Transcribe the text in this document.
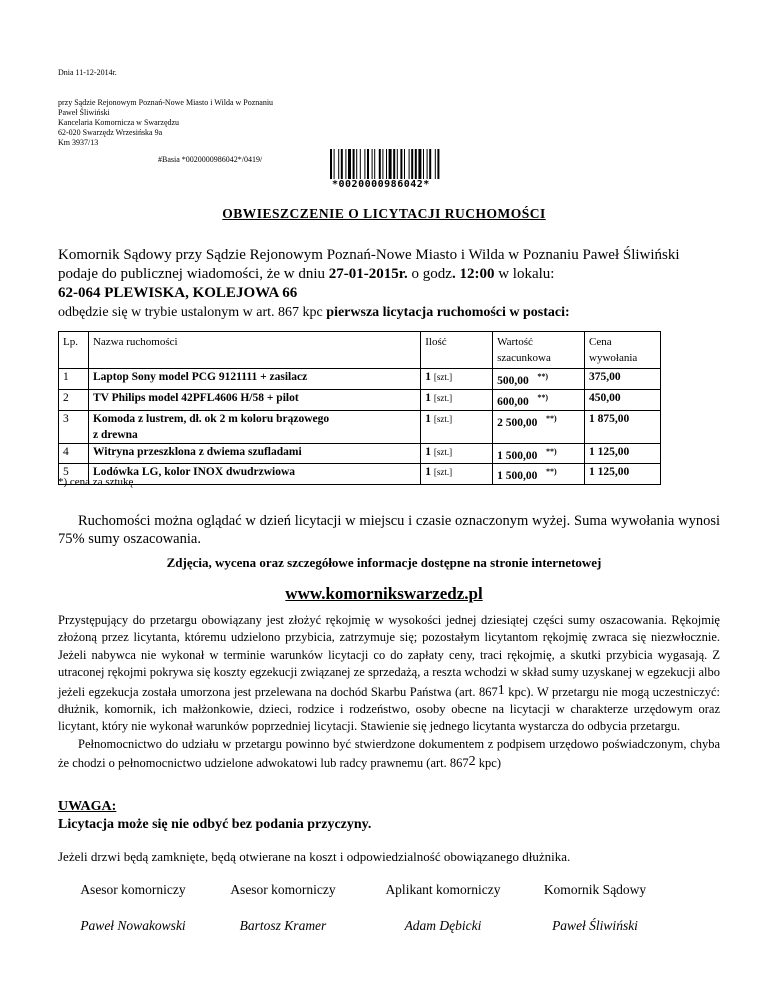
Dnia 11-12-2014r.
przy Sądzie Rejonowym Poznań-Nowe Miasto i Wilda w Poznaniu
Paweł Śliwiński
Kancelaria Komornicza w Swarzędzu
62-020 Swarzędz Wrzesińska 9a
Km 3937/13
#Basia *0020000986042*/0419/
*0020000986042*
OBWIESZCZENIE O LICYTACJI RUCHOMOŚCI
Komornik Sądowy przy Sądzie Rejonowym Poznań-Nowe Miasto i Wilda w Poznaniu Paweł Śliwiński
podaje do publicznej wiadomości, że w dniu 27-01-2015r. o godz. 12:00 w lokalu:
62-064 PLEWISKA, KOLEJOWA 66
odbędzie się w trybie ustalonym w art. 867 kpc pierwsza licytacja ruchomości w postaci:
Lp.	Nazwa ruchomości	Ilość	Wartość szacunkowa	Cena wywołania
1	Laptop Sony model PCG 9121111 + zasilacz	1 [szt.]	500,00 **)	375,00
2	TV Philips model 42PFL4606 H/58 + pilot	1 [szt.]	600,00 **)	450,00
3	Komoda z lustrem, dł. ok 2 m koloru brązowego
z drewna	1 [szt.]	2 500,00 **)	1 875,00
4	Witryna przeszklona z dwiema szufladami	1 [szt.]	1 500,00 **)	1 125,00
5	Lodówka LG, kolor INOX dwudrzwiowa	1 [szt.]	1 500,00 **)	1 125,00
*) cena za sztukę
Ruchomości można oglądać w dzień licytacji w miejscu i czasie oznaczonym wyżej. Suma wywołania wynosi 75% sumy oszacowania.
Zdjęcia, wycena oraz szczegółowe informacje dostępne na stronie internetowej
www.komornikswarzedz.pl

Przystępujący do przetargu obowiązany jest złożyć rękojmię w wysokości jednej dziesiątej części sumy oszacowania. Rękojmię złożoną przez licytanta, któremu udzielono przybicia, zatrzymuje się; pozostałym licytantom rękojmię zwraca się niezwłocznie. Jeżeli nabywca nie wykonał w terminie warunków licytacji co do zapłaty ceny, traci rękojmię, a skutki przybicia wygasają. Z utraconej rękojmi pokrywa się koszty egzekucji związanej ze sprzedażą, a reszta wchodzi w skład sumy uzyskanej w egzekucji albo jeżeli egzekucja została umorzona jest przelewana na dochód Skarbu Państwa (art. $867^1$ kpc). W przetargu nie mogą uczestniczyć: dłużnik, komornik, ich małżonkowie, dzieci, rodzice i rodzeństwo, osoby obecne na licytacji w charakterze urzędowym oraz licytant, który nie wykonał warunków poprzedniej licytacji. Stawienie się jednego licytanta wystarcza do odbycia przetargu.

Pełnomocnictwo do udziału w przetargu powinno być stwierdzone dokumentem z podpisem urzędowo poświadczonym, chyba że chodzi o pełnomocnictwo udzielone adwokatowi lub radcy prawnemu (art. $867^2$ kpc)

UWAGA:
Licytacja może się nie odbyć bez podania przyczyny.
Jeżeli drzwi będą zamknięte, będą otwierane na koszt i odpowiedzialność obowiązanego dłużnika.
Asesor komorniczy	Asesor komorniczy	Aplikant komorniczy	Komornik Sądowy
Paweł Nowakowski	Bartosz Kramer	Adam Dębicki	Paweł Śliwiński
